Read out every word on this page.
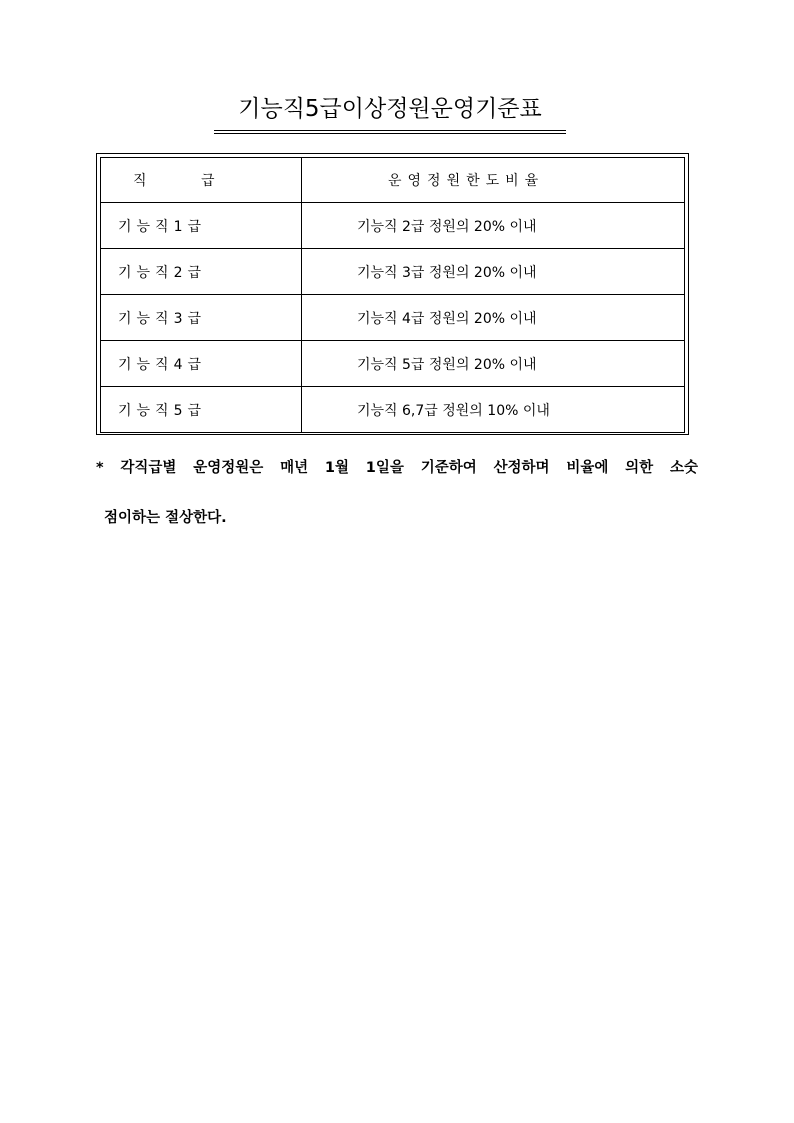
기능직5급이상정원운영기준표
직 급	운영정원한도비율
기능직1급	기능직 2급 정원의 20% 이내
기능직2급	기능직 3급 정원의 20% 이내
기능직3급	기능직 4급 정원의 20% 이내
기능직4급	기능직 5급 정원의 20% 이내
기능직5급	기능직 6,7급 정원의 10% 이내
* 각직급별 운영정원은 매년 1월 1일을 기준하여 산정하며 비율에 의한 소숫
점이하는 절상한다.
